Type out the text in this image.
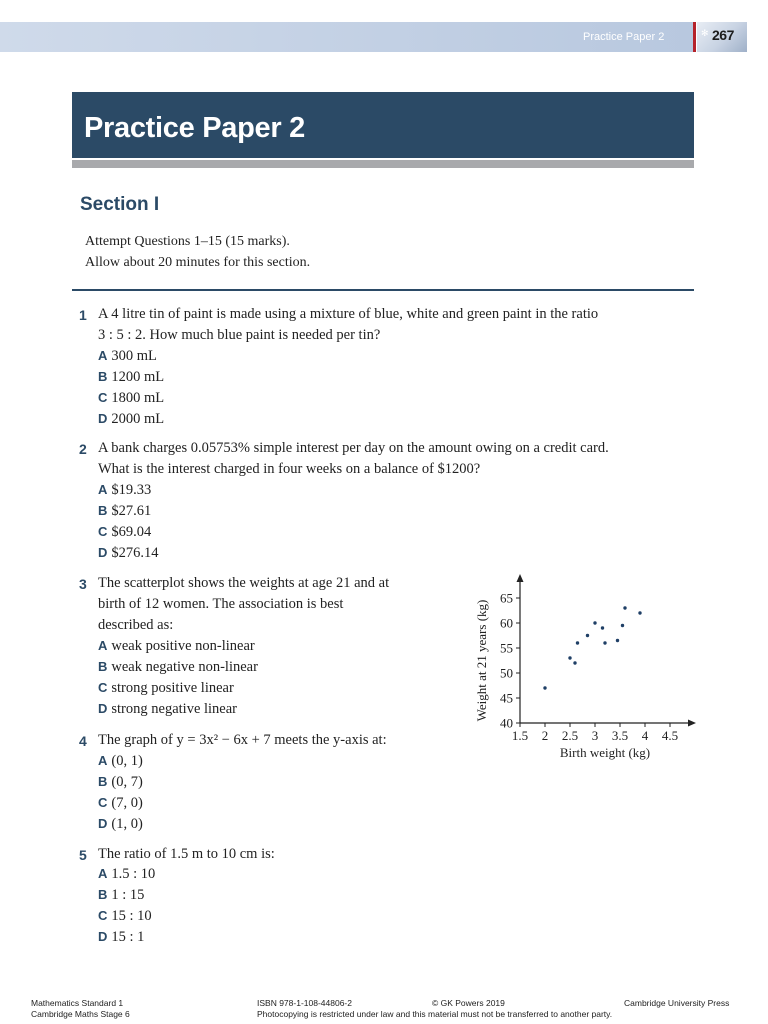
Practice Paper 2	✻ 267
Practice Paper 2
Section I
Attempt Questions 1–15 (15 marks).
Allow about 20 minutes for this section.
1 A 4 litre tin of paint is made using a mixture of blue, white and green paint in the ratio
3 : 5 : 2. How much blue paint is needed per tin?
A 300 mL
B 1200 mL
C 1800 mL
D 2000 mL
2 A bank charges 0.05753% simple interest per day on the amount owing on a credit card.
What is the interest charged in four weeks on a balance of $1200?
A $19.33
B $27.61
C $69.04
D $276.14
3 The scatterplot shows the weights at age 21 and at
birth of 12 women. The association is best
described as:
A weak positive non-linear
B weak negative non-linear
C strong positive linear
D strong negative linear
1.5 2 2.5 3 3.5 4 4.5
40
45
50
55
60
65
Birth weight (kg)
Weight at 21 years (kg)
4 The graph of y = 3x² − 6x + 7 meets the y-axis at:
A (0, 1)
B (0, 7)
C (7, 0)
D (1, 0)
5 The ratio of 1.5 m to 10 cm is:
A 1.5 : 10
B 1 : 15
C 15 : 10
D 15 : 1
Mathematics Standard 1
Cambridge Maths Stage 6
ISBN 978-1-108-44806-2	© GK Powers 2019
Photocopying is restricted under law and this material must not be transferred to another party.
Cambridge University Press
